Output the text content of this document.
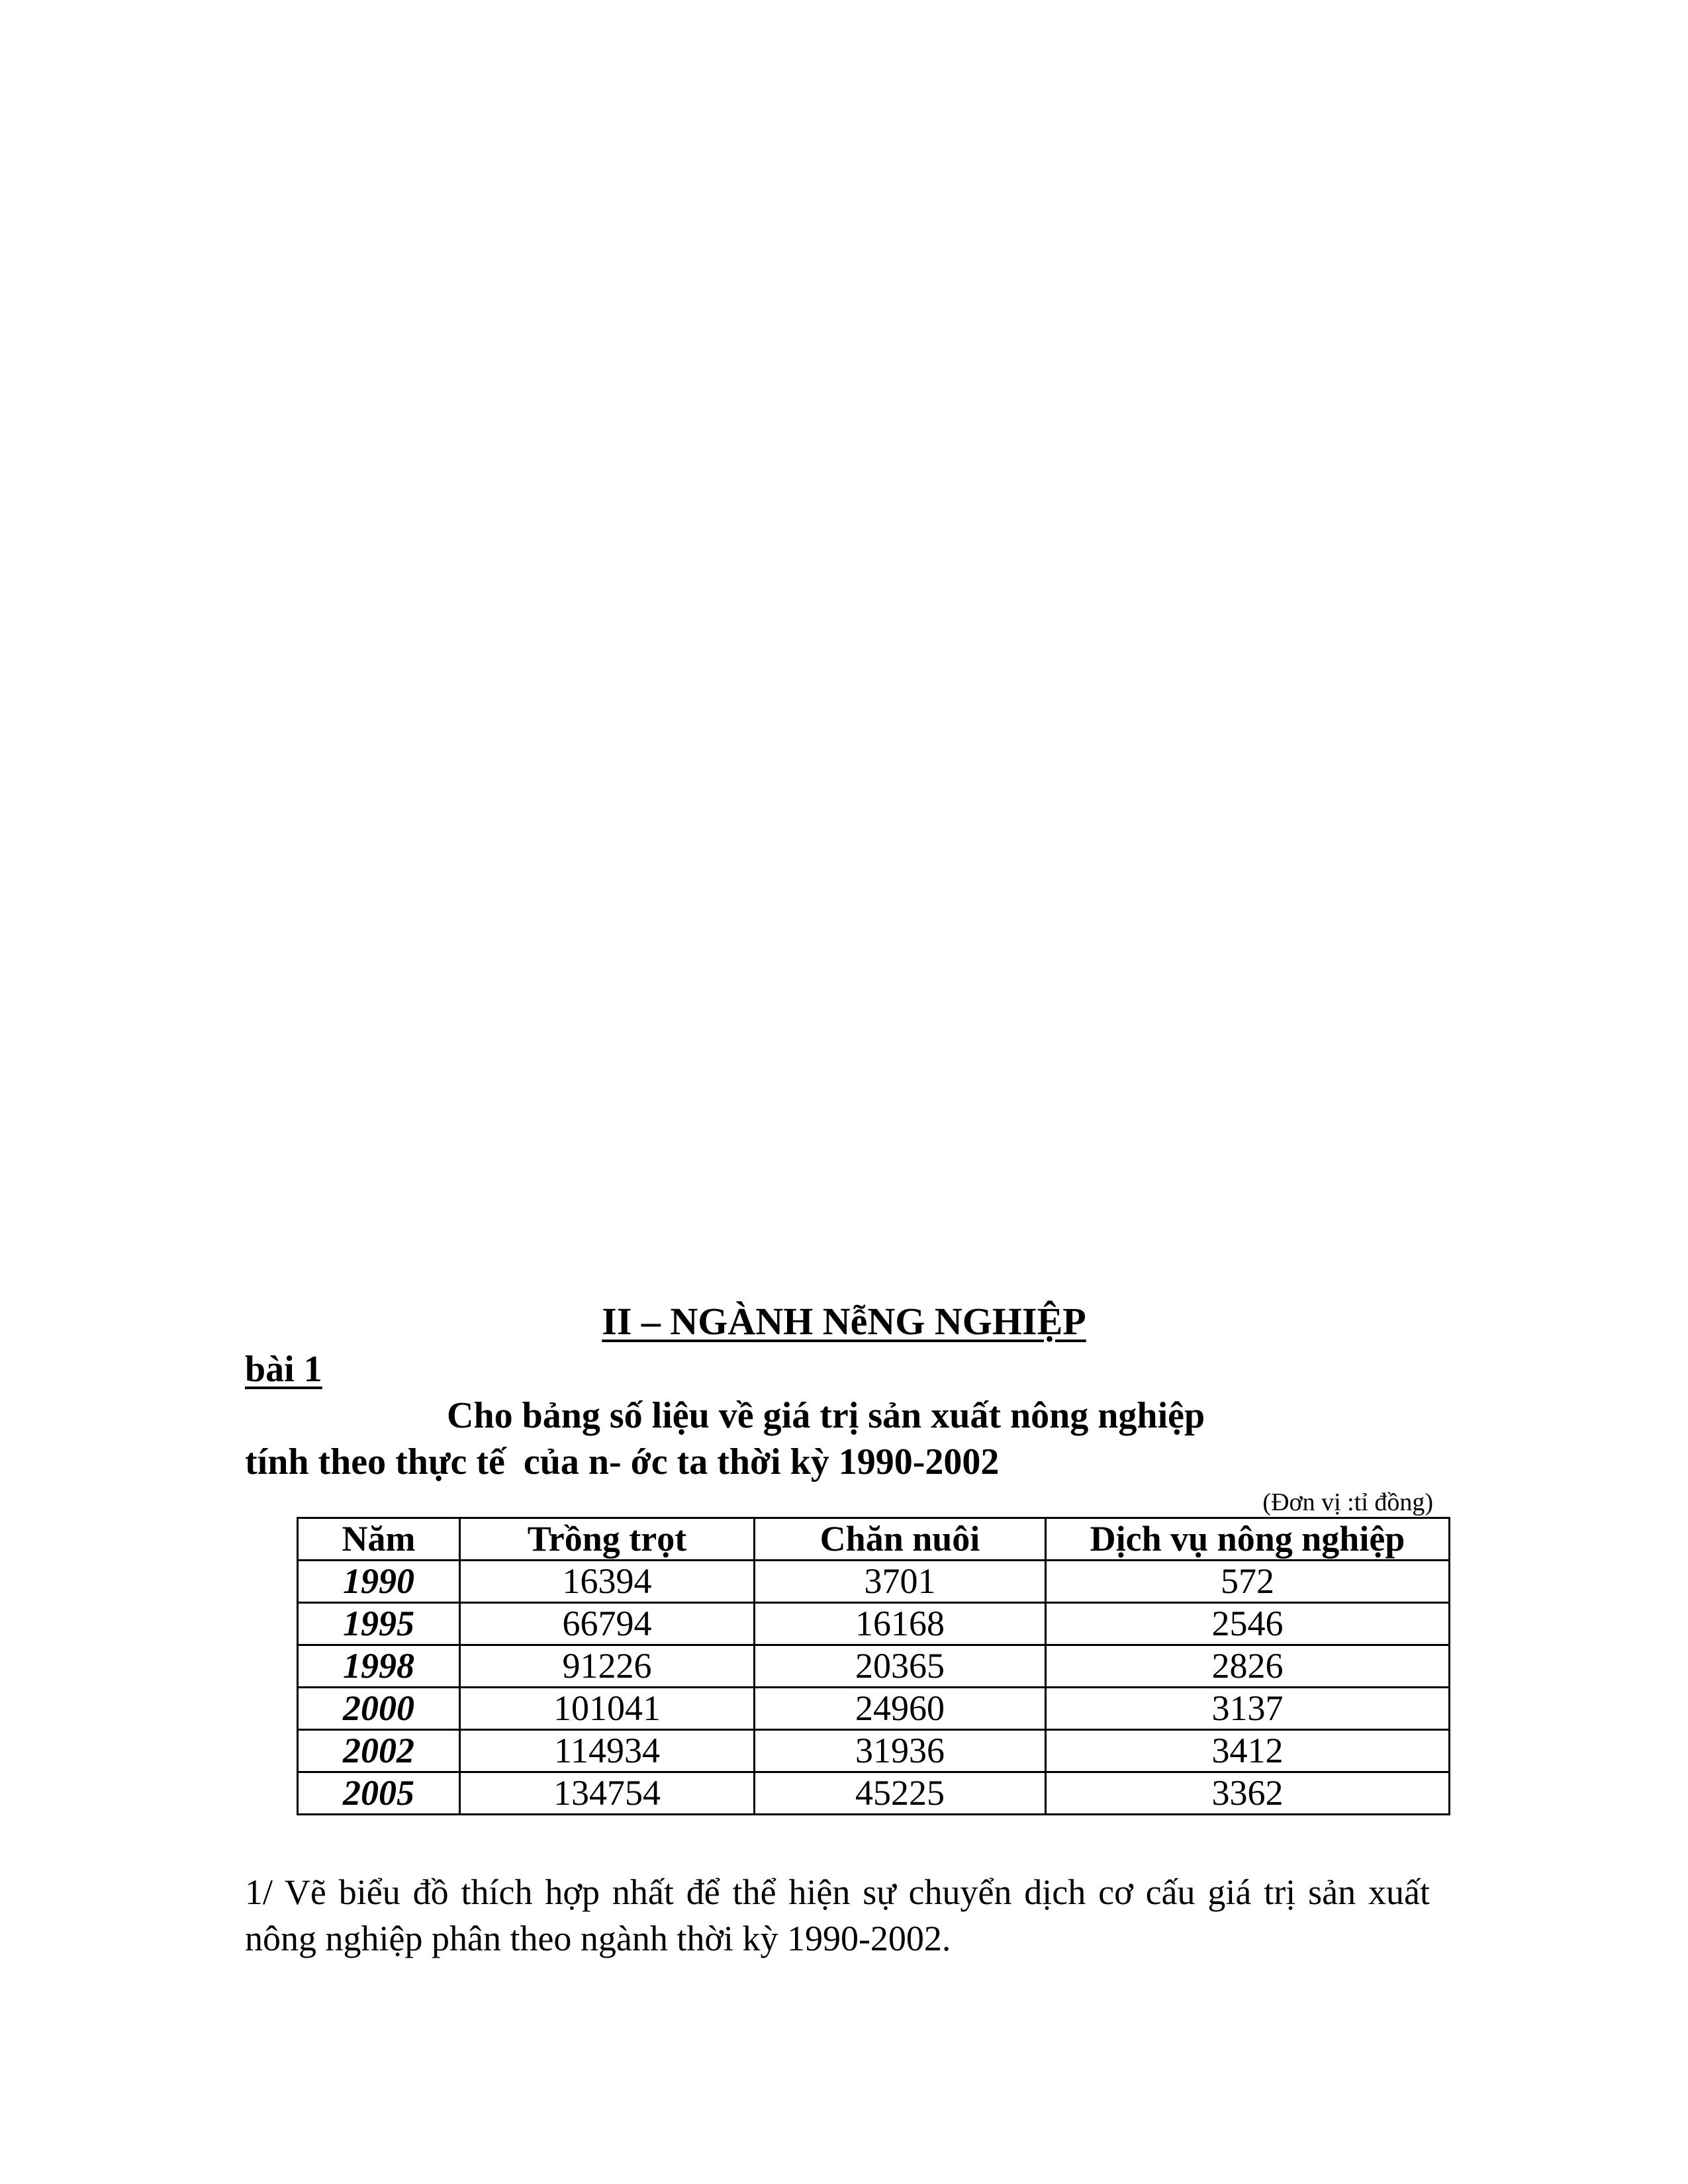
II – NGÀNH NễNG NGHIỆP
bài 1
Cho bảng số liệu về giá trị sản xuất nông nghiệp
tính theo thực tế  của n- ớc ta thời kỳ 1990-2002
(Đơn vị :tỉ đồng)
Năm	Trồng trọt	Chăn nuôi	Dịch vụ nông nghiệp
1990	16394	3701	572
1995	66794	16168	2546
1998	91226	20365	2826
2000	101041	24960	3137
2002	114934	31936	3412
2005	134754	45225	3362
1/ Vẽ biểu đồ thích hợp nhất để thể hiện sự chuyển dịch cơ cấu giá trị sản xuất nông nghiệp phân theo ngành thời kỳ 1990-2002.
